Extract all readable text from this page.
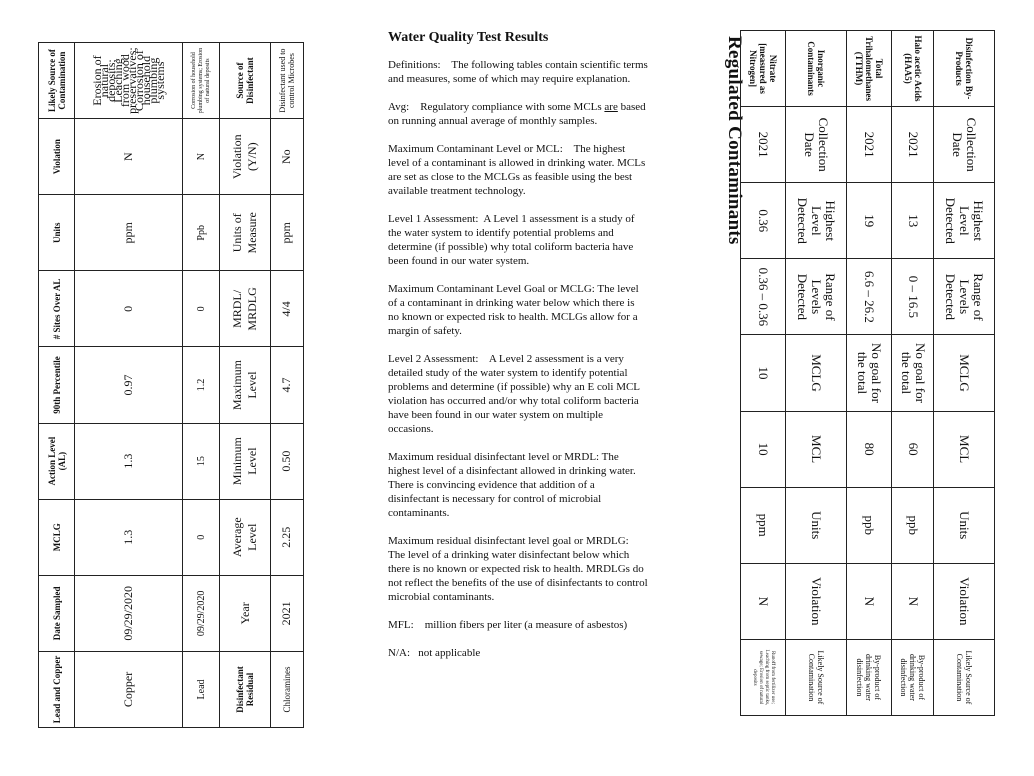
Lead and Copper	Date Sampled	MCLG	Action Level (AL)	90th Percentile	# Sites Over AL	Units	Violation	Likely Source of Contamination
Copper	09/29/2020	1.3	1.3	0.97	0	ppm	N	Erosion of natural deposits; Leaching from wood preservatives; Corrosion of household plumbing systems
Lead	09/29/2020	0	15	1.2	0	Ppb	N	Corrosion of household plumbing systems; Erosion of natural deposits
Disinfectant Residual	Year	Average Level	Minimum Level	Maximum Level	MRDL/ MRDLG	Units of Measure	Violation (Y/N)	Source of Disinfectant
Chloramines	2021	2.25	0.50	4.7	4/4	ppm	No	Disinfectant used to control Microbes
Water Quality Test Results

Definitions: The following tables contain scientific terms and measures, some of which may require explanation.

Avg: Regulatory compliance with some MCLs are based on running annual average of monthly samples.

Maximum Contaminant Level or MCL: The highest level of a contaminant is allowed in drinking water. MCLs are set as close to the MCLGs as feasible using the best available treatment technology.

Level 1 Assessment: A Level 1 assessment is a study of the water system to identify potential problems and determine (if possible) why total coliform bacteria have been found in our water system.

Maximum Contaminant Level Goal or MCLG: The level of a contaminant in drinking water below which there is no known or expected risk to health. MCLGs allow for a margin of safety.

Level 2 Assessment: A Level 2 assessment is a very detailed study of the water system to identify potential problems and determine (if possible) why an E coli MCL violation has occurred and/or why total coliform bacteria have been found in our water system on multiple occasions.

Maximum residual disinfectant level or MRDL: The highest level of a disinfectant allowed in drinking water. There is convincing evidence that addition of a disinfectant is necessary for control of microbial contaminants.

Maximum residual disinfectant level goal or MRDLG:   The level of a drinking water disinfectant below which there is no known or expected risk to health. MRDLGs do not reflect the benefits of the use of disinfectants to control microbial contaminants.

MFL: million fibers per liter (a measure of asbestos)

N/A: not applicable

Regulated Contaminants	Disinfection By-Products	Collection Date	Highest Level Detected	Range of Levels Detected	MCLG	MCL	Units	Violation	Likely Source of Contamination
Halo acetic Acids (HAA5)	2021	13	0 – 16.5	No goal for the total	60	ppb	N	By-product of drinking water disinfection
Total Trihalomethanes (TTHM)	2021	19	6.6 – 26.2	No goal for the total	80	ppb	N	By-product of drinking water disinfection
Inorganic Contaminants	Collection Date	Highest Level Detected	Range of Levels Detected	MCLG	MCL	Units	Violation	Likely Source of Contamination
Nitrate [measured as Nitrogen]	2021	0.36	0.36 – 0.36	10	10	ppm	N	Runoff from fertilizer use; Leaching from septic tanks, sewage; Erosion of natural deposits
